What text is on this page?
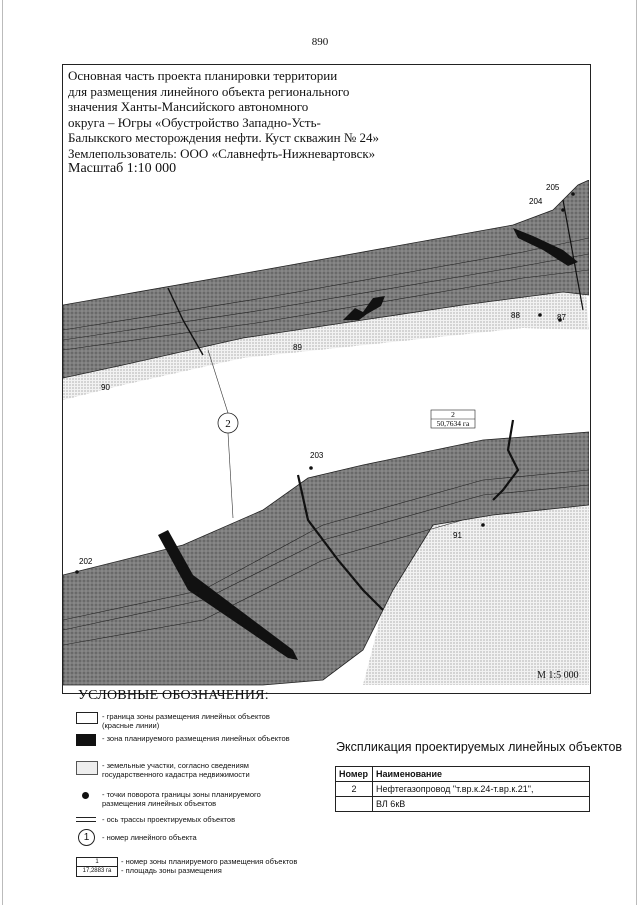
890
Основная часть проекта планировки территории
для размещения линейного объекта регионального
значения Ханты-Мансийского автономного
округа – Югры «Обустройство Западно-Усть-
Балыкского месторождения нефти. Куст скважин № 24»
Землепользователь: ООО «Славнефть-Нижневартовск»
Масштаб 1:10 000
205
204
88	87
89
90
203
91
202
2
2
50,7634 га
М 1:5 000
УСЛОВНЫЕ ОБОЗНАЧЕНИЯ:
- граница зоны размещения линейных объектов (красные линии)
- зона планируемого размещения линейных объектов
- земельные участки, согласно сведениям государственного кадастра недвижимости
- точки поворота границы зоны планируемого размещения линейных объектов
- ось трассы проектируемых объектов
1	- номер линейного объекта
1
17,2883 га
- номер зоны планируемого размещения объектов
- площадь зоны размещения
Экспликация проектируемых линейных объектов
Номер	Наименование
2	Нефтегазопровод "т.вр.к.24-т.вр.к.21",
	ВЛ 6кВ
